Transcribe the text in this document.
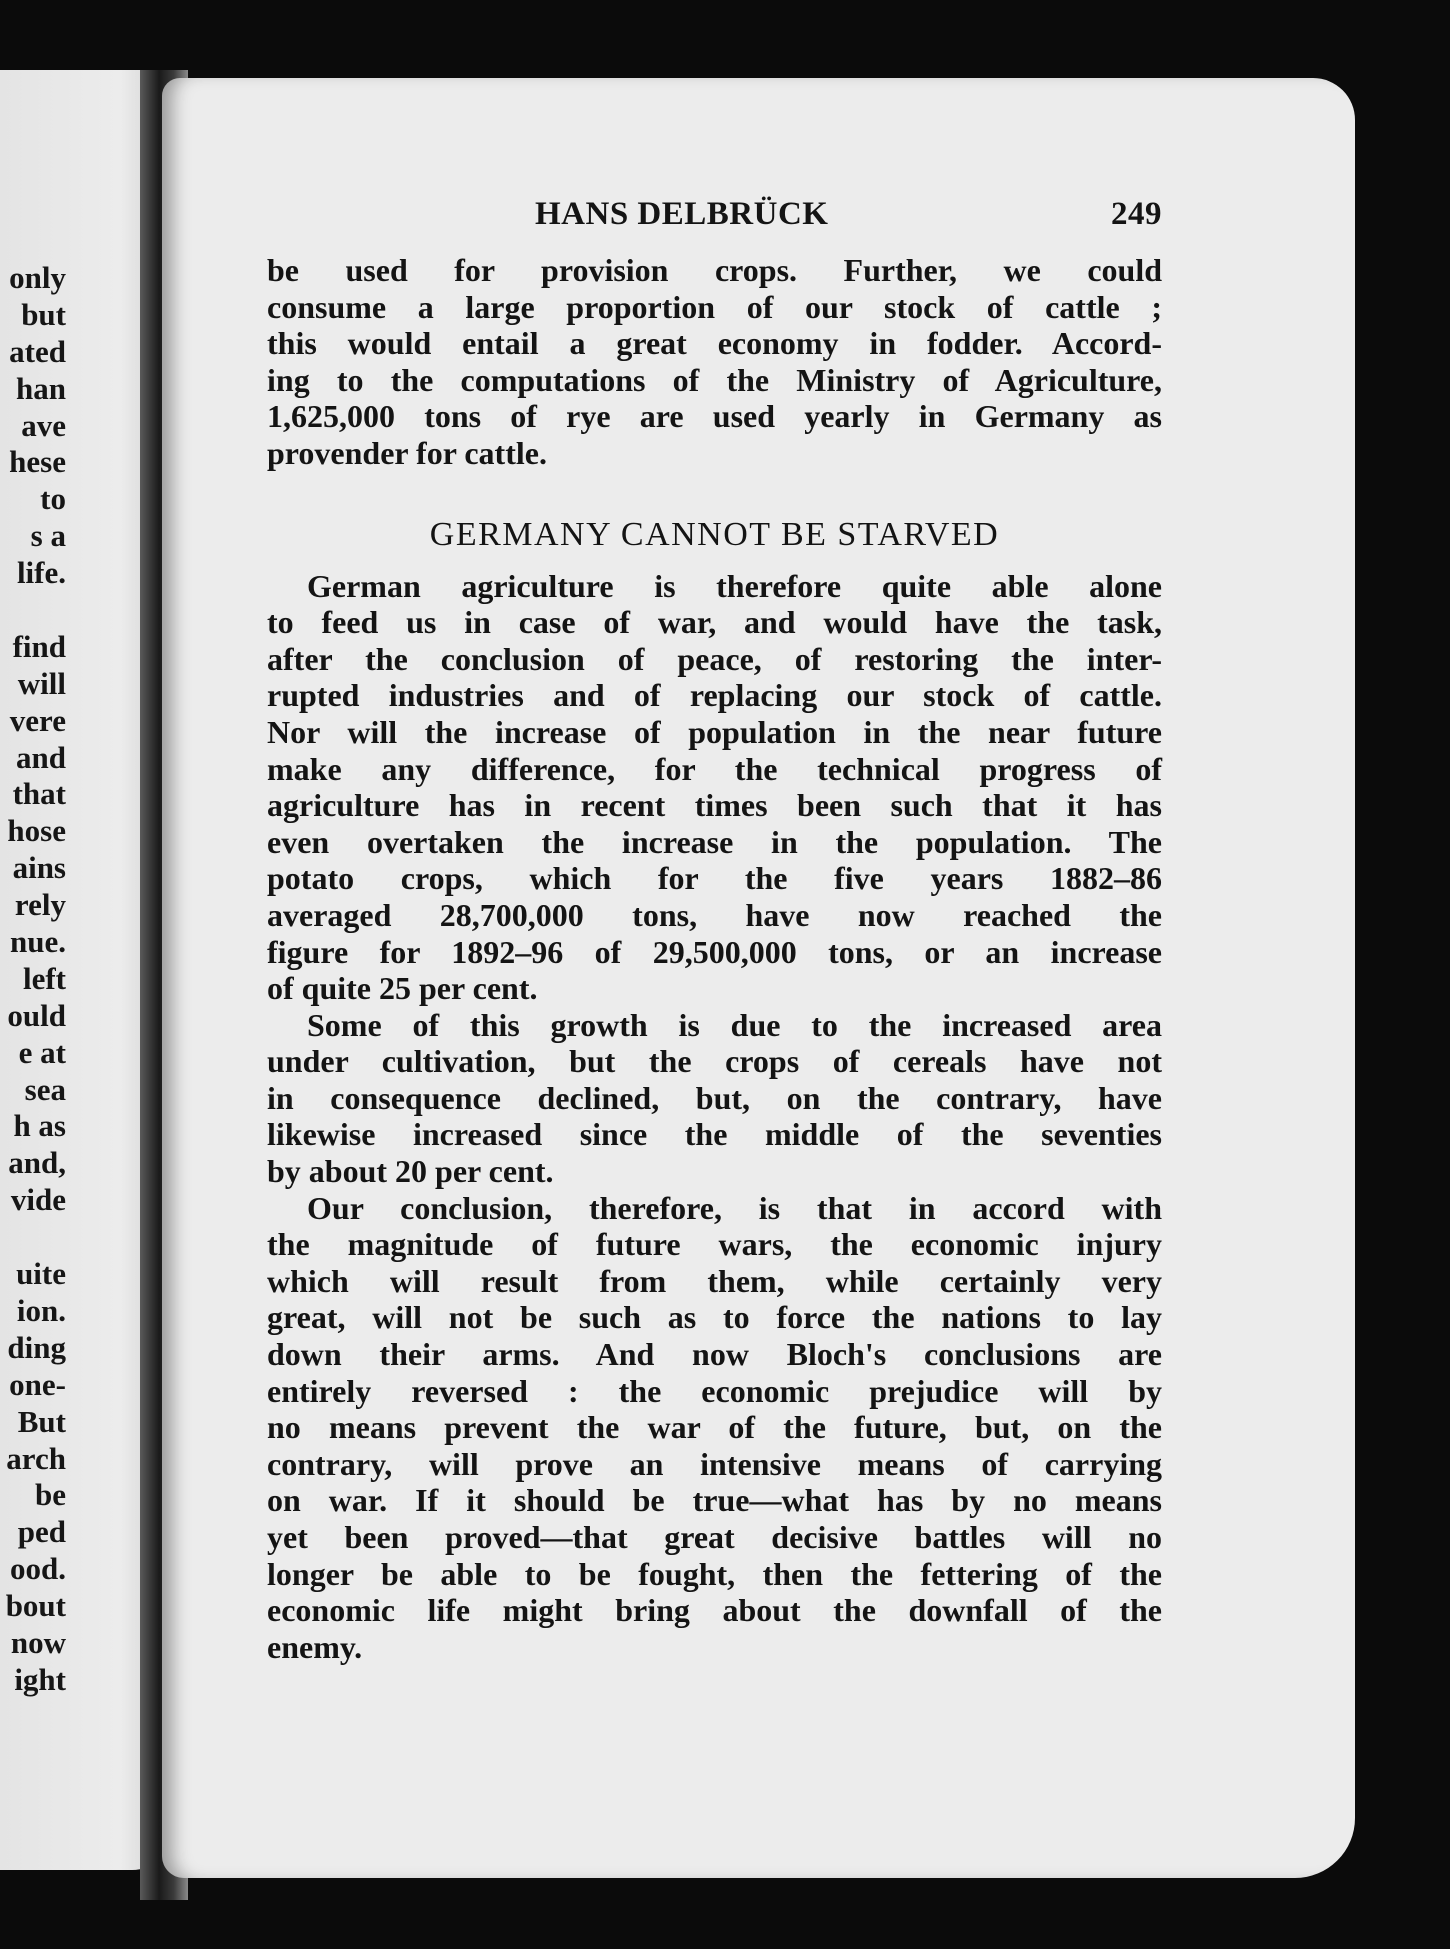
only
but
ated
han
ave
hese
to
s a
life.
find
will
vere
and
that
hose
ains
rely
nue.
left
ould
e at
sea
h as
and,
vide
uite
ion.
ding
one-
But
arch
be
ped
ood.
bout
now
ight
HANS DELBRÜCK	249
be used for provision crops. Further, we could
consume a large proportion of our stock of cattle ;
this would entail a great economy in fodder. Accord-
ing to the computations of the Ministry of Agriculture,
1,625,000 tons of rye are used yearly in Germany as
provender for cattle.
GERMANY CANNOT BE STARVED
German agriculture is therefore quite able alone
to feed us in case of war, and would have the task,
after the conclusion of peace, of restoring the inter-
rupted industries and of replacing our stock of cattle.
Nor will the increase of population in the near future
make any difference, for the technical progress of
agriculture has in recent times been such that it has
even overtaken the increase in the population. The
potato crops, which for the five years 1882–86
averaged 28,700,000 tons, have now reached the
figure for 1892–96 of 29,500,000 tons, or an increase
of quite 25 per cent.
Some of this growth is due to the increased area
under cultivation, but the crops of cereals have not
in consequence declined, but, on the contrary, have
likewise increased since the middle of the seventies
by about 20 per cent.
Our conclusion, therefore, is that in accord with
the magnitude of future wars, the economic injury
which will result from them, while certainly very
great, will not be such as to force the nations to lay
down their arms. And now Bloch's conclusions are
entirely reversed : the economic prejudice will by
no means prevent the war of the future, but, on the
contrary, will prove an intensive means of carrying
on war. If it should be true—what has by no means
yet been proved—that great decisive battles will no
longer be able to be fought, then the fettering of the
economic life might bring about the downfall of the
enemy.
